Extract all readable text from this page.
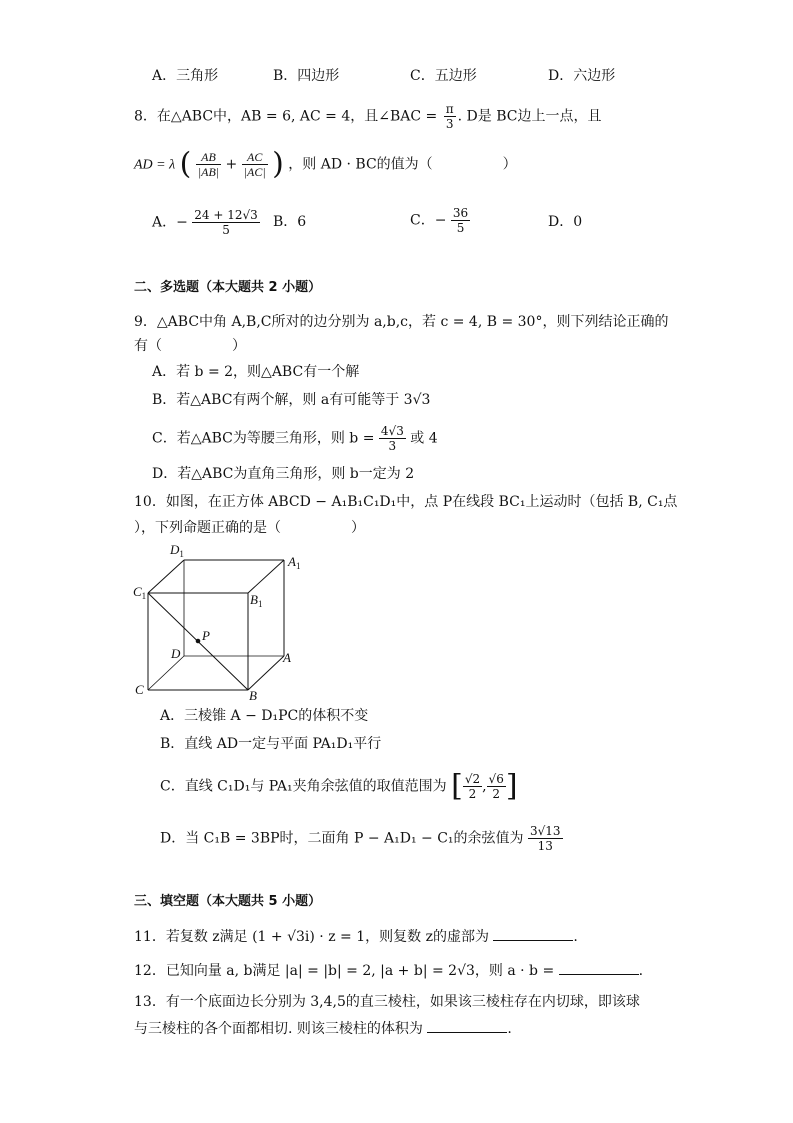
A．三角形	B．四边形	C．五边形	D．六边形
8．在△ABC中，AB = 6, AC = 4，且∠BAC = $\frac{\pi}{3}$ . D是 BC边上一点，且
AD = λ ( $\frac{AB}{|AB|} + \frac{AC}{|AC|}$ ) ，则 AD · BC的值为（　　　　　）
A．− $\frac{24 + 12√3}{5}$ B．6	C．− $\frac{36}{5}$	D．0
二、多选题（本大题共 2 小题）
9．△ABC中角 A,B,C所对的边分别为 a,b,c，若 c = 4, B = 30°，则下列结论正确的
有（　　　　　）
A．若 b = 2，则△ABC有一个解
B．若△ABC有两个解，则 a有可能等于 3√3
C．若△ABC为等腰三角形，则 $b = \frac{4√3}{3}$ 或 4
D．若△ABC为直角三角形，则 b一定为 2
10．如图，在正方体 ABCD − A₁B₁C₁D₁中，点 P在线段 BC₁上运动时（包括 B, C₁点
），下列命题正确的是（　　　　　）
$D_1$	$A_1$
$C_1$	$B_1$
P
D	A
C	B
A．三棱锥 A − D₁PC的体积不变
B．直线 AD一定与平面 PA₁D₁平行
C．直线 C₁D₁与 PA₁夹角余弦值的取值范围为 [ $\frac{√2}{2}$ , $\frac{√6}{2}$ ]
D．当 C₁B = 3BP时，二面角 P − A₁D₁ − C₁的余弦值为 $\frac{3√13}{13}$
三、填空题（本大题共 5 小题）
11．若复数 z满足 (1 + √3i) · z = 1，则复数 z的虚部为	.
12．已知向量 a, b满足 |a| = |b| = 2, |a + b| = 2√3，则 a · b =	.
13．有一个底面边长分别为 3,4,5的直三棱柱，如果该三棱柱存在内切球，即该球
与三棱柱的各个面都相切. 则该三棱柱的体积为	.
